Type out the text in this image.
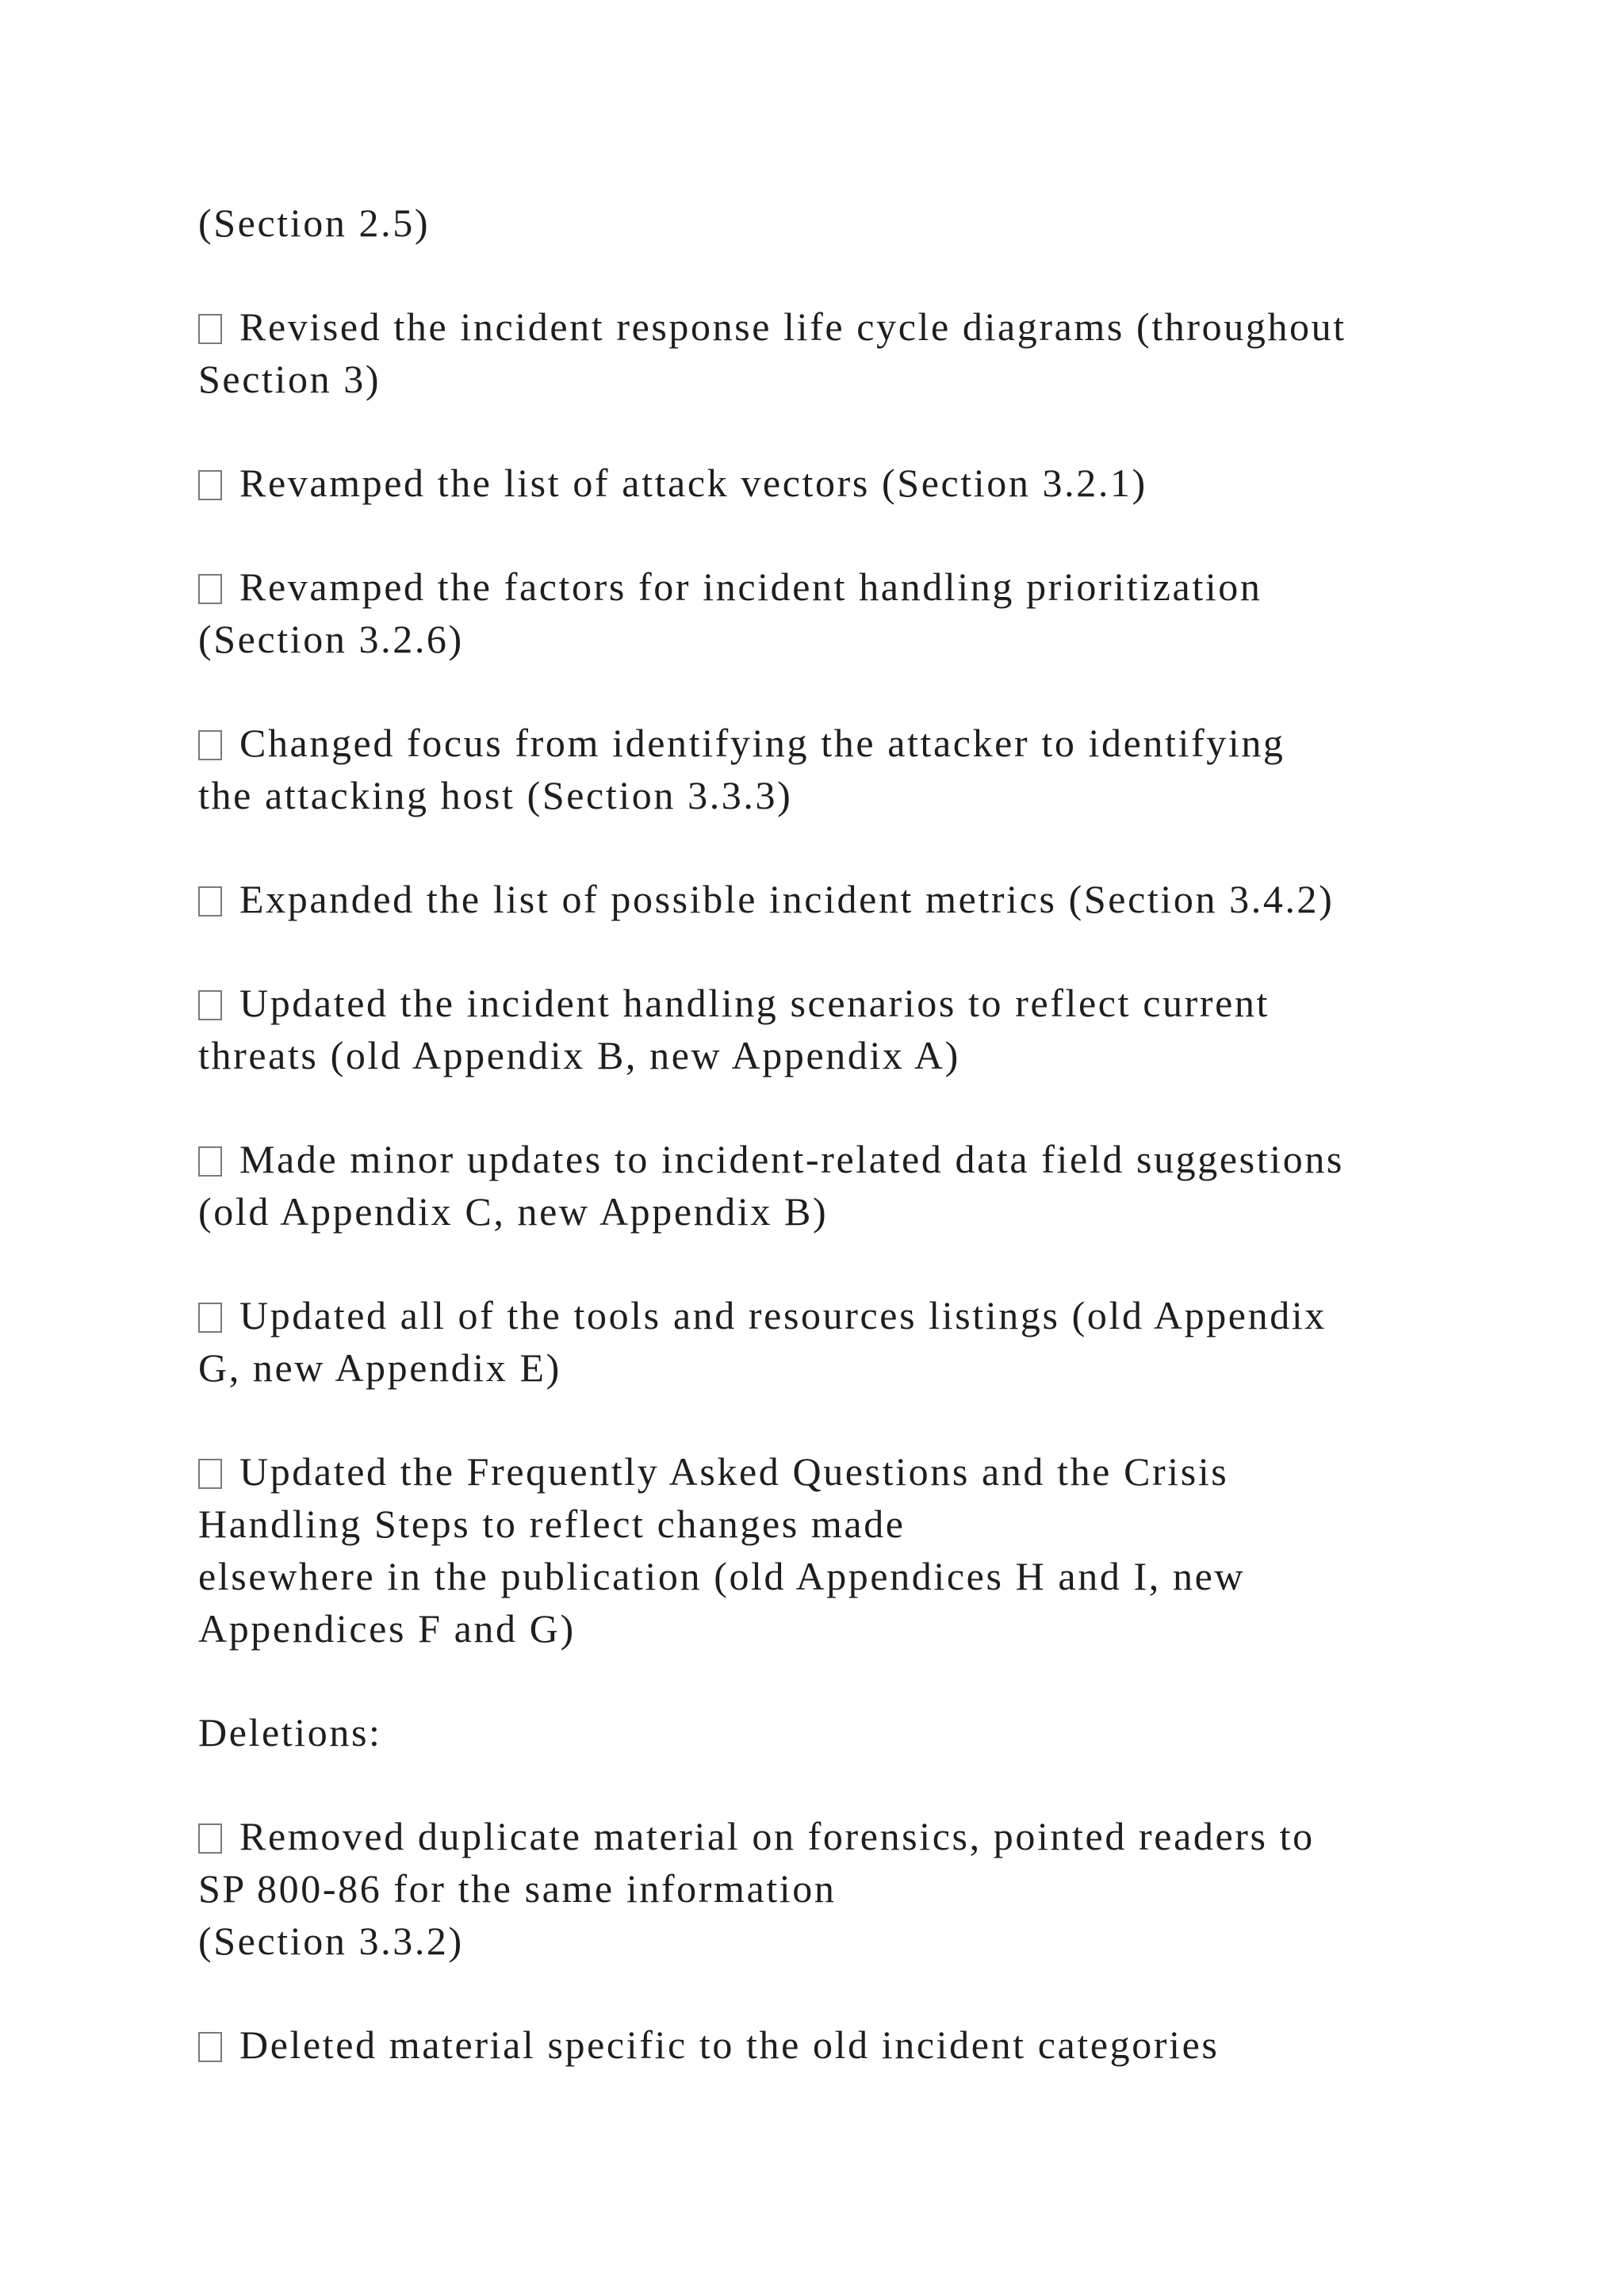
(Section 2.5)

Revised the incident response life cycle diagrams (throughout
Section 3)

Revamped the list of attack vectors (Section 3.2.1)

Revamped the factors for incident handling prioritization
(Section 3.2.6)

Changed focus from identifying the attacker to identifying
the attacking host (Section 3.3.3)

Expanded the list of possible incident metrics (Section 3.4.2)

Updated the incident handling scenarios to reflect current
threats (old Appendix B, new Appendix A)

Made minor updates to incident-related data field suggestions
(old Appendix C, new Appendix B)

Updated all of the tools and resources listings (old Appendix
G, new Appendix E)

Updated the Frequently Asked Questions and the Crisis
Handling Steps to reflect changes made
elsewhere in the publication (old Appendices H and I, new
Appendices F and G)

Deletions:

Removed duplicate material on forensics, pointed readers to
SP 800-86 for the same information
(Section 3.3.2)

Deleted material specific to the old incident categories
